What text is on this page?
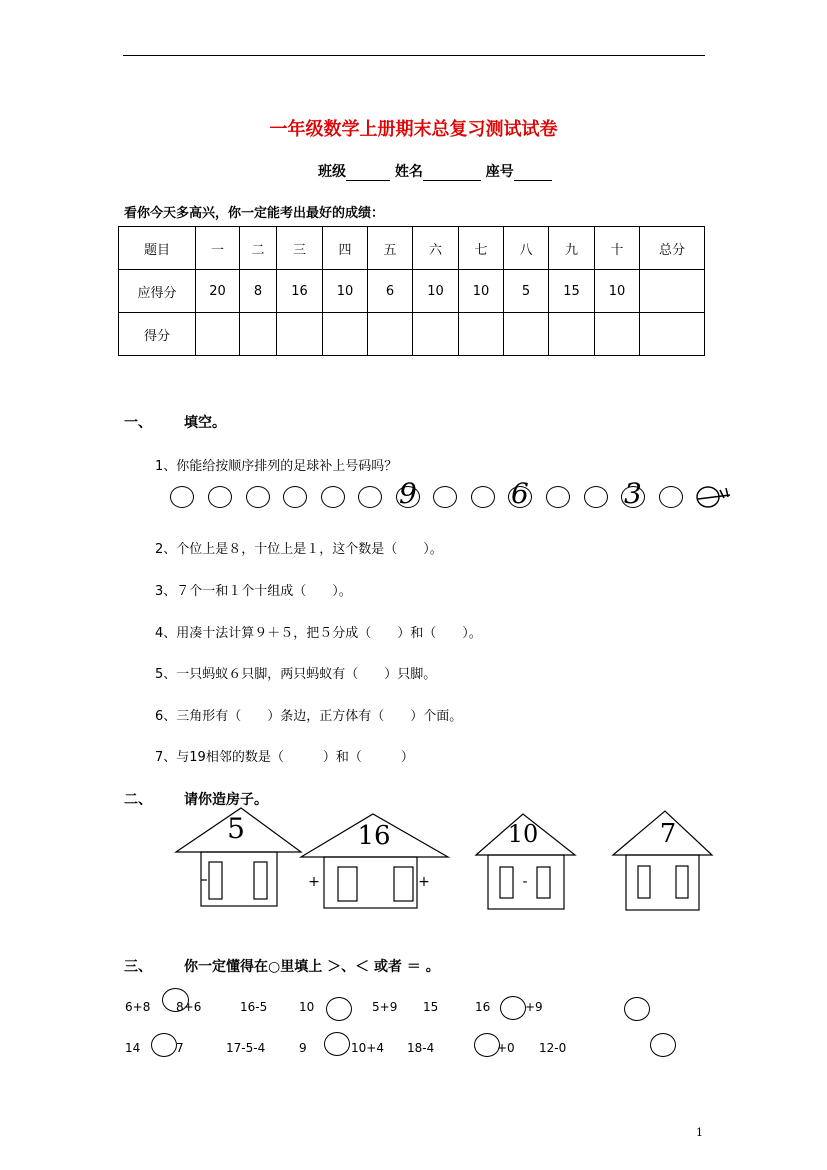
一年级数学上册期末总复习测试试卷
班级	姓名	座号
看你今天多高兴，你一定能考出最好的成绩：
题目	一	二	三	四	五	六	七	八	九	十	总分
应得分	20	8	16	10	6	10	10	5	15	10	
得分											
一、 填空。
1、你能给按顺序排列的足球补上号码吗？
9	6	3
2、个位上是８，十位上是１，这个数是（　　）。
3、７个一和１个十组成（　　）。
4、用凑十法计算９＋５，把５分成（　　）和（　　）。
5、一只蚂蚁６只脚，两只蚂蚁有（　　）只脚。
6、三角形有（　　）条边，正方体有（　　）个面。
7、与19相邻的数是（　　　）和（　　　）
二、 请你造房子。
5	16	10	7
+	+	-
三、 你一定懂得在○里填上 ＞、＜ 或者 ＝ 。
6+8 8+6	16-5	10	5+9 15	16	+9
14	7	17-5-4	9	10+4 18-4	+0 12-0
1
